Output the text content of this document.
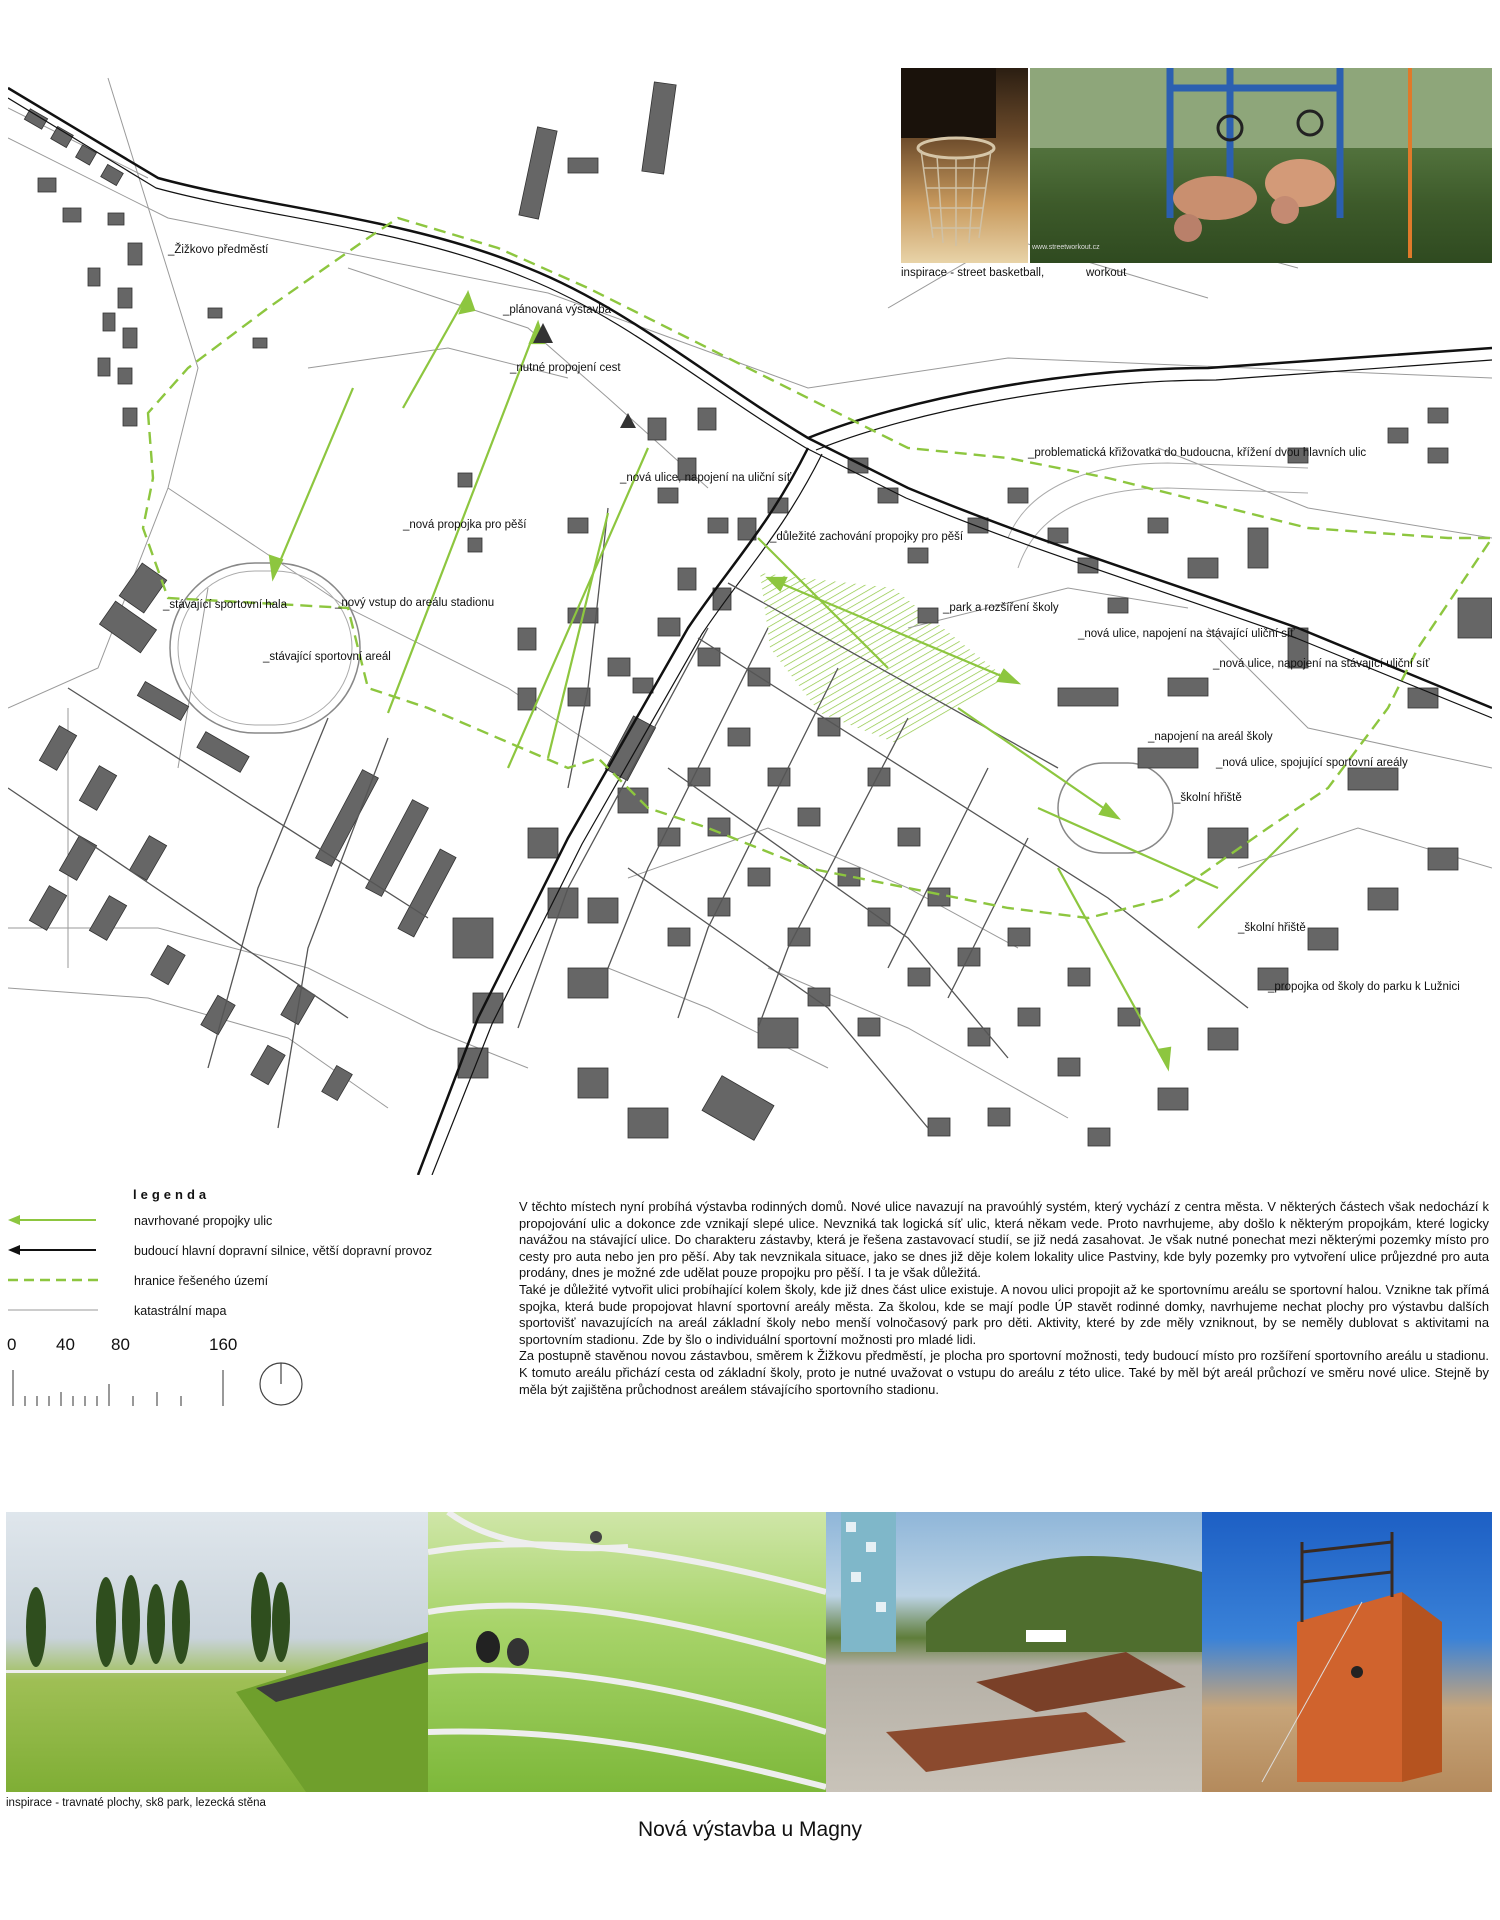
_Žižkovo předměstí
_plánovaná výstavba
_nutné propojení cest
_problematická křižovatka do budoucna, křížení dvou hlavních ulic
_nová ulice, napojení na uliční síť
_nová propojka pro pěší
_důležité zachování propojky pro pěší
_stávající sportovní hala	_nový vstup do areálu stadionu	_park a rozšíření školy
_nová ulice, napojení na stávající uliční síť
_stávající sportovní areál
_nová ulice, napojení na stávající uliční síť
_napojení na areál školy
_nová ulice, spojující sportovní areály
_školní hřiště
_školní hřiště
_propojka od školy do parku k Lužnici
www.streetworkout.cz
inspirace - street basketball,	workout
legenda
navrhované propojky ulic
budoucí hlavní dopravní silnice, větší dopravní provoz
hranice řešeného území
katastrální mapa
0 40 80	160

V těchto místech nyní probíhá výstavba rodinných domů. Nové ulice navazují na pravoúhlý systém, který vychází z centra města. V některých částech však nedochází k propojování ulic a dokonce zde vznikají slepé ulice. Nevzniká tak logická síť ulic, která někam vede. Proto navrhujeme, aby došlo k některým propojkám, které logicky navážou na stávající ulice. Do charakteru zástavby, která je řešena zastavovací studií, se již nedá zasahovat. Je však nutné ponechat mezi některými pozemky místo pro cesty pro auta nebo jen pro pěší. Aby tak nevznikala situace, jako se dnes již děje kolem lokality ulice Pastviny, kde byly pozemky pro vytvoření ulice průjezdné pro auta prodány, dnes je možné zde udělat pouze propojku pro pěší. I ta je však důležitá.

Také je důležité vytvořit ulici probíhající kolem školy, kde již dnes část ulice existuje. A novou ulici propojit až ke sportovnímu areálu se sportovní halou. Vznikne tak přímá spojka, která bude propojovat hlavní sportovní areály města. Za školou, kde se mají podle ÚP stavět rodinné domky, navrhujeme nechat plochy pro výstavbu dalších sportovišť navazujících na areál základní školy nebo menší volnočasový park pro děti. Aktivity, které by zde měly vzniknout, by se neměly dublovat s aktivitami na sportovním stadionu. Zde by šlo o individuální sportovní možnosti pro mladé lidi.

Za postupně stavěnou novou zástavbou, směrem k Žižkovu předměstí, je plocha pro sportovní možnosti, tedy budoucí místo pro rozšíření sportovního areálu u stadionu. K tomuto areálu přichází cesta od základní školy, proto je nutné uvažovat o vstupu do areálu z této ulice. Také by měl být areál průchozí ve směru nové ulice. Stejně by měla být zajištěna průchodnost areálem stávajícího sportovního stadionu.

inspirace - travnaté plochy, sk8 park, lezecká stěna
Nová výstavba u Magny
